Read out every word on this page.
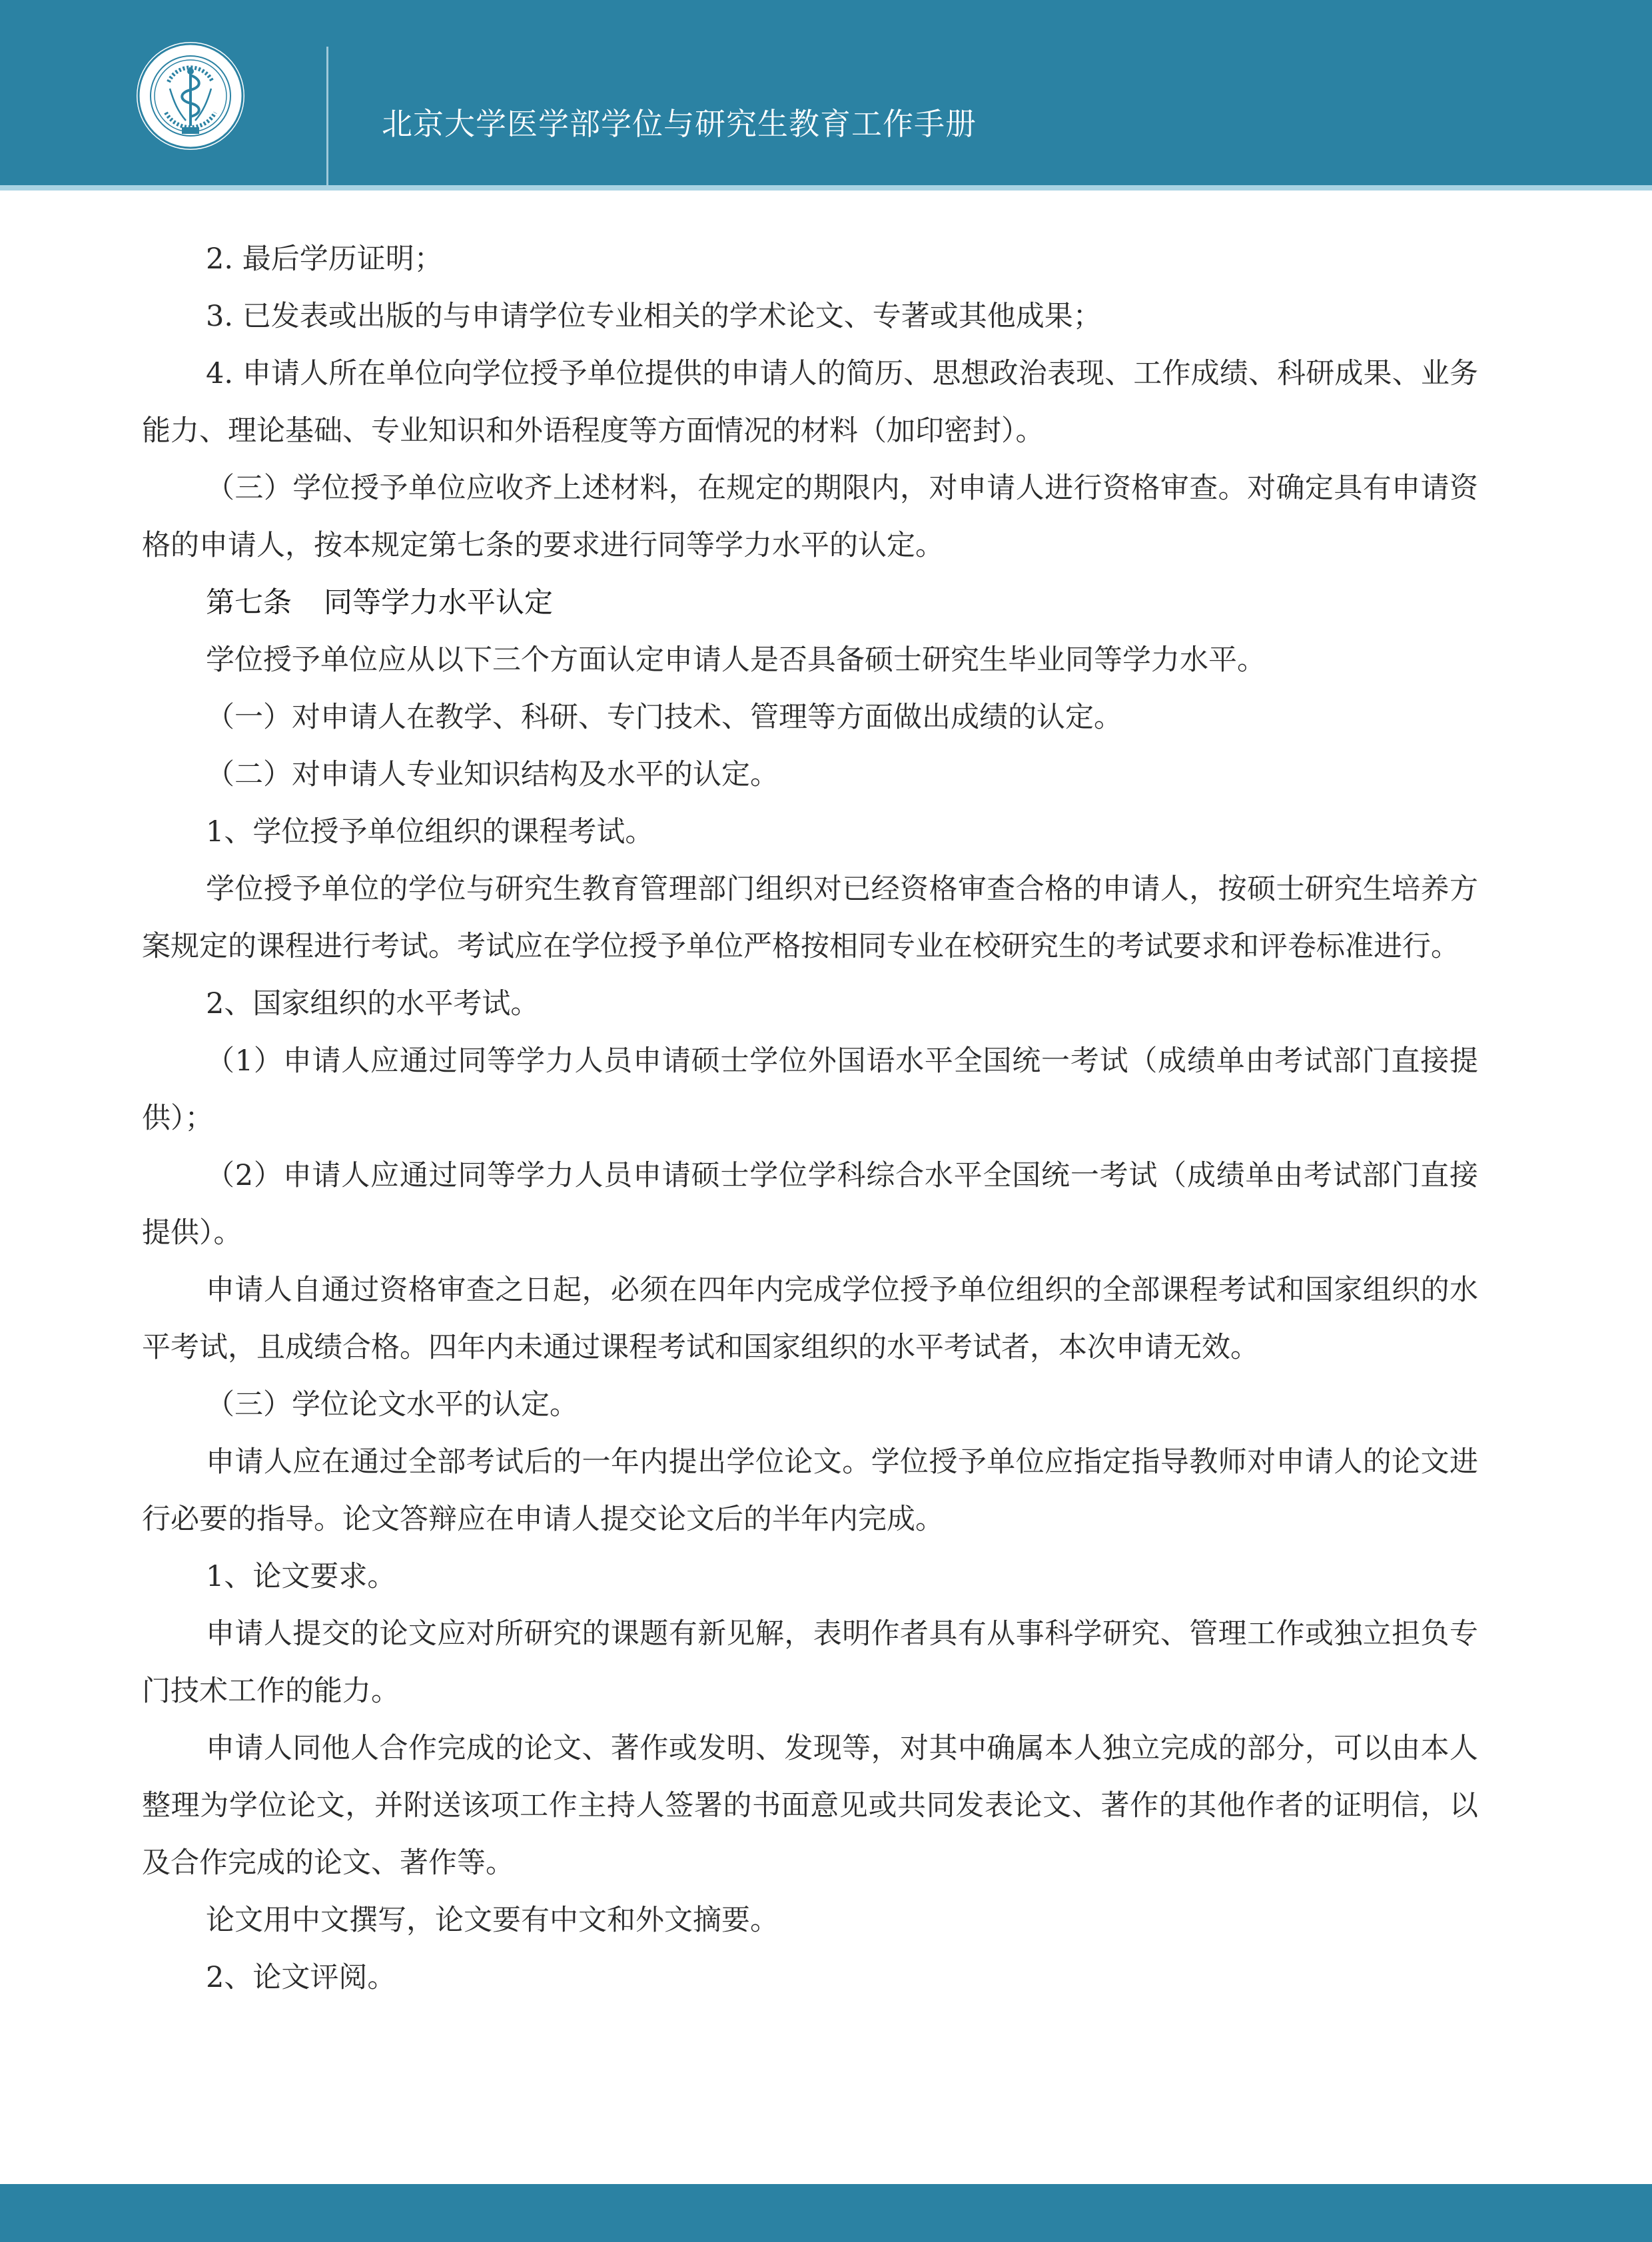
北京大学医学部学位与研究生教育工作手册

2. 最后学历证明；

3. 已发表或出版的与申请学位专业相关的学术论文、专著或其他成果；

4. 申请人所在单位向学位授予单位提供的申请人的简历、思想政治表现、工作成绩、科研成果、业务能力、理论基础、专业知识和外语程度等方面情况的材料（加印密封）。

（三）学位授予单位应收齐上述材料，在规定的期限内，对申请人进行资格审查。对确定具有申请资格的申请人，按本规定第七条的要求进行同等学力水平的认定。

第七条 同等学力水平认定

学位授予单位应从以下三个方面认定申请人是否具备硕士研究生毕业同等学力水平。

（一）对申请人在教学、科研、专门技术、管理等方面做出成绩的认定。

（二）对申请人专业知识结构及水平的认定。

1、学位授予单位组织的课程考试。

学位授予单位的学位与研究生教育管理部门组织对已经资格审查合格的申请人，按硕士研究生培养方案规定的课程进行考试。考试应在学位授予单位严格按相同专业在校研究生的考试要求和评卷标准进行。

2、国家组织的水平考试。

（1）申请人应通过同等学力人员申请硕士学位外国语水平全国统一考试（成绩单由考试部门直接提供）；

（2）申请人应通过同等学力人员申请硕士学位学科综合水平全国统一考试（成绩单由考试部门直接提供）。

申请人自通过资格审查之日起，必须在四年内完成学位授予单位组织的全部课程考试和国家组织的水平考试，且成绩合格。四年内未通过课程考试和国家组织的水平考试者，本次申请无效。

（三）学位论文水平的认定。

申请人应在通过全部考试后的一年内提出学位论文。学位授予单位应指定指导教师对申请人的论文进行必要的指导。论文答辩应在申请人提交论文后的半年内完成。

1、论文要求。

申请人提交的论文应对所研究的课题有新见解，表明作者具有从事科学研究、管理工作或独立担负专门技术工作的能力。

申请人同他人合作完成的论文、著作或发明、发现等，对其中确属本人独立完成的部分，可以由本人整理为学位论文，并附送该项工作主持人签署的书面意见或共同发表论文、著作的其他作者的证明信，以及合作完成的论文、著作等。

论文用中文撰写，论文要有中文和外文摘要。

2、论文评阅。
